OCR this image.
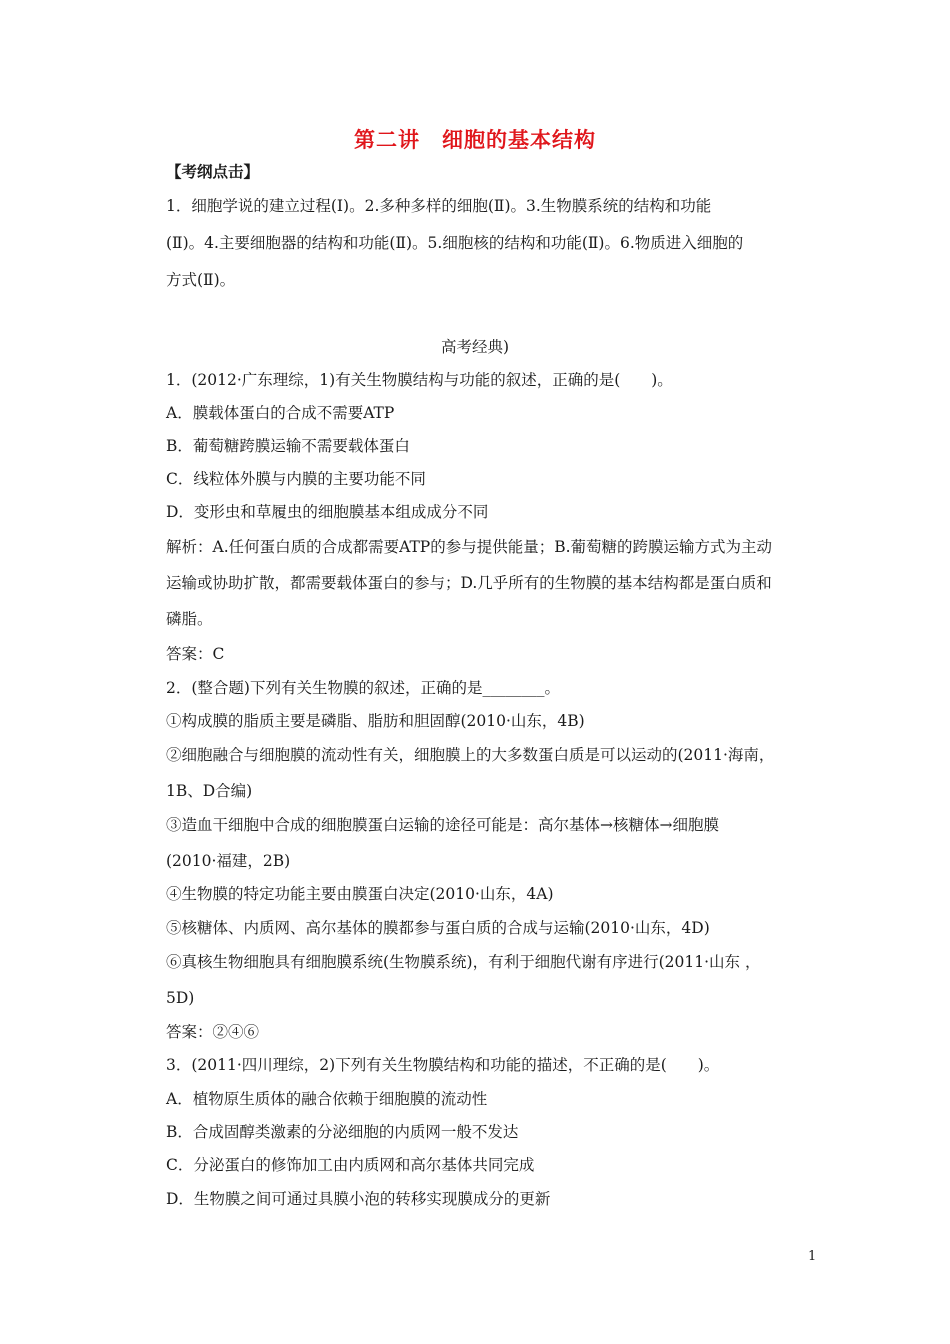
第二讲　细胞的基本结构
【考纲点击】
1．细胞学说的建立过程(Ⅰ)。2.多种多样的细胞(Ⅱ)。3.生物膜系统的结构和功能
(Ⅱ)。4.主要细胞器的结构和功能(Ⅱ)。5.细胞核的结构和功能(Ⅱ)。6.物质进入细胞的
方式(Ⅱ)。
高考经典)
1．(2012·广东理综，1)有关生物膜结构与功能的叙述，正确的是(　　)。
A．膜载体蛋白的合成不需要ATP
B．葡萄糖跨膜运输不需要载体蛋白
C．线粒体外膜与内膜的主要功能不同
D．变形虫和草履虫的细胞膜基本组成成分不同
解析：A.任何蛋白质的合成都需要ATP的参与提供能量；B.葡萄糖的跨膜运输方式为主动
运输或协助扩散，都需要载体蛋白的参与；D.几乎所有的生物膜的基本结构都是蛋白质和
磷脂。
答案：C
2．(整合题)下列有关生物膜的叙述，正确的是________。
①构成膜的脂质主要是磷脂、脂肪和胆固醇(2010·山东，4B)
②细胞融合与细胞膜的流动性有关，细胞膜上的大多数蛋白质是可以运动的(2011·海南，
1B、D合编)
③造血干细胞中合成的细胞膜蛋白运输的途径可能是：高尔基体→核糖体→细胞膜
(2010·福建，2B)
④生物膜的特定功能主要由膜蛋白决定(2010·山东，4A)
⑤核糖体、内质网、高尔基体的膜都参与蛋白质的合成与运输(2010·山东，4D)
⑥真核生物细胞具有细胞膜系统(生物膜系统)，有利于细胞代谢有序进行(2011·山东 ，
5D)
答案：②④⑥
3．(2011·四川理综，2)下列有关生物膜结构和功能的描述，不正确的是(　　)。
A．植物原生质体的融合依赖于细胞膜的流动性
B．合成固醇类激素的分泌细胞的内质网一般不发达
C．分泌蛋白的修饰加工由内质网和高尔基体共同完成
D．生物膜之间可通过具膜小泡的转移实现膜成分的更新
1
